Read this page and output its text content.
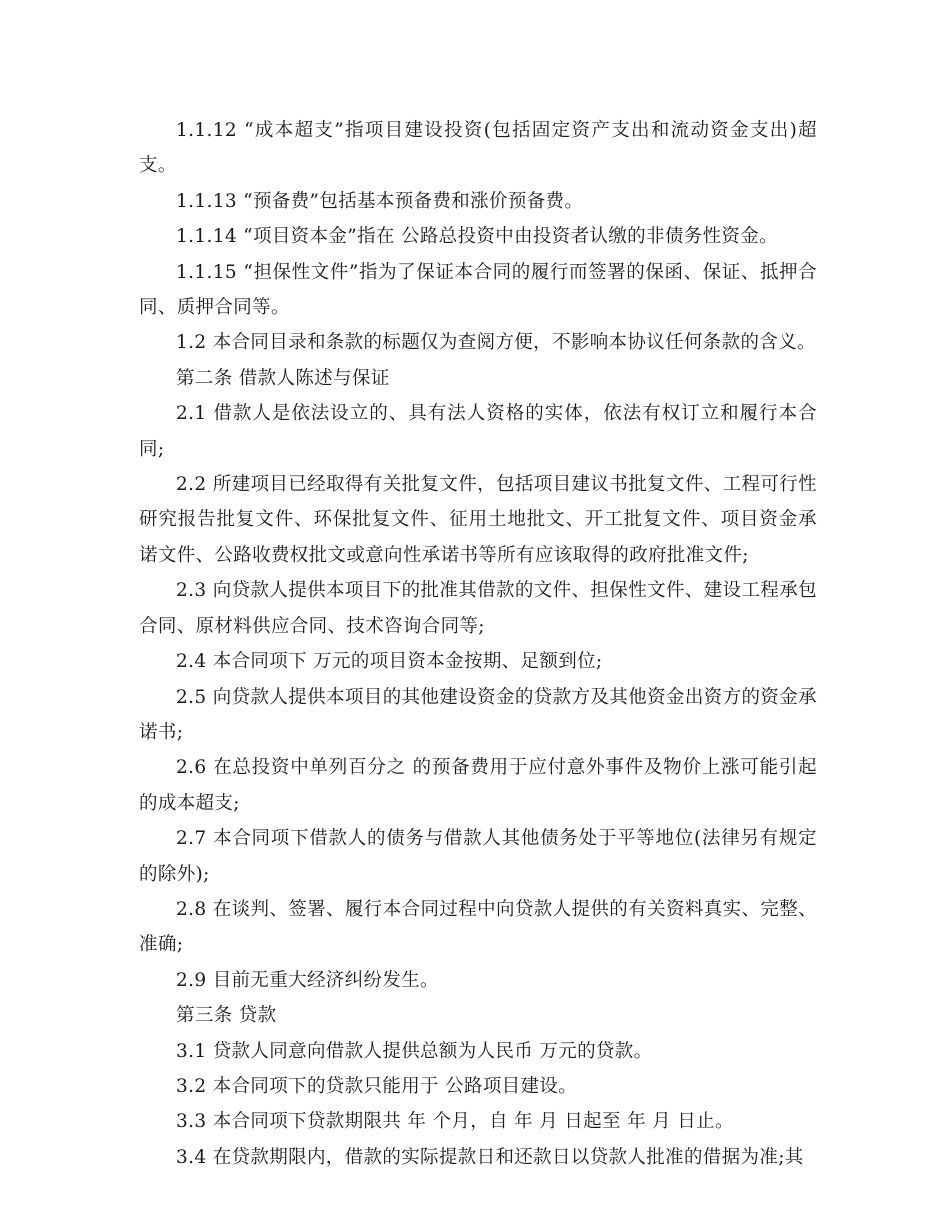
1.1.12 “成本超支”指项目建设投资(包括固定资产支出和流动资金支出)超支。

1.1.13 “预备费”包括基本预备费和涨价预备费。

1.1.14 “项目资本金”指在 公路总投资中由投资者认缴的非债务性资金。

1.1.15 “担保性文件”指为了保证本合同的履行而签署的保函、保证、抵押合同、质押合同等。

1.2 本合同目录和条款的标题仅为查阅方便，不影响本协议任何条款的含义。

第二条 借款人陈述与保证

2.1 借款人是依法设立的、具有法人资格的实体，依法有权订立和履行本合同;

2.2 所建项目已经取得有关批复文件，包括项目建议书批复文件、工程可行性研究报告批复文件、环保批复文件、征用土地批文、开工批复文件、项目资金承诺文件、公路收费权批文或意向性承诺书等所有应该取得的政府批准文件;

2.3 向贷款人提供本项目下的批准其借款的文件、担保性文件、建设工程承包合同、原材料供应合同、技术咨询合同等;

2.4 本合同项下 万元的项目资本金按期、足额到位;

2.5 向贷款人提供本项目的其他建设资金的贷款方及其他资金出资方的资金承诺书;

2.6 在总投资中单列百分之 的预备费用于应付意外事件及物价上涨可能引起的成本超支;

2.7 本合同项下借款人的债务与借款人其他债务处于平等地位(法律另有规定的除外);

2.8 在谈判、签署、履行本合同过程中向贷款人提供的有关资料真实、完整、准确;

2.9 目前无重大经济纠纷发生。

第三条 贷款

3.1 贷款人同意向借款人提供总额为人民币 万元的贷款。

3.2 本合同项下的贷款只能用于 公路项目建设。

3.3 本合同项下贷款期限共 年 个月，自 年 月 日起至 年 月 日止。

3.4 在贷款期限内，借款的实际提款日和还款日以贷款人批准的借据为准;其
